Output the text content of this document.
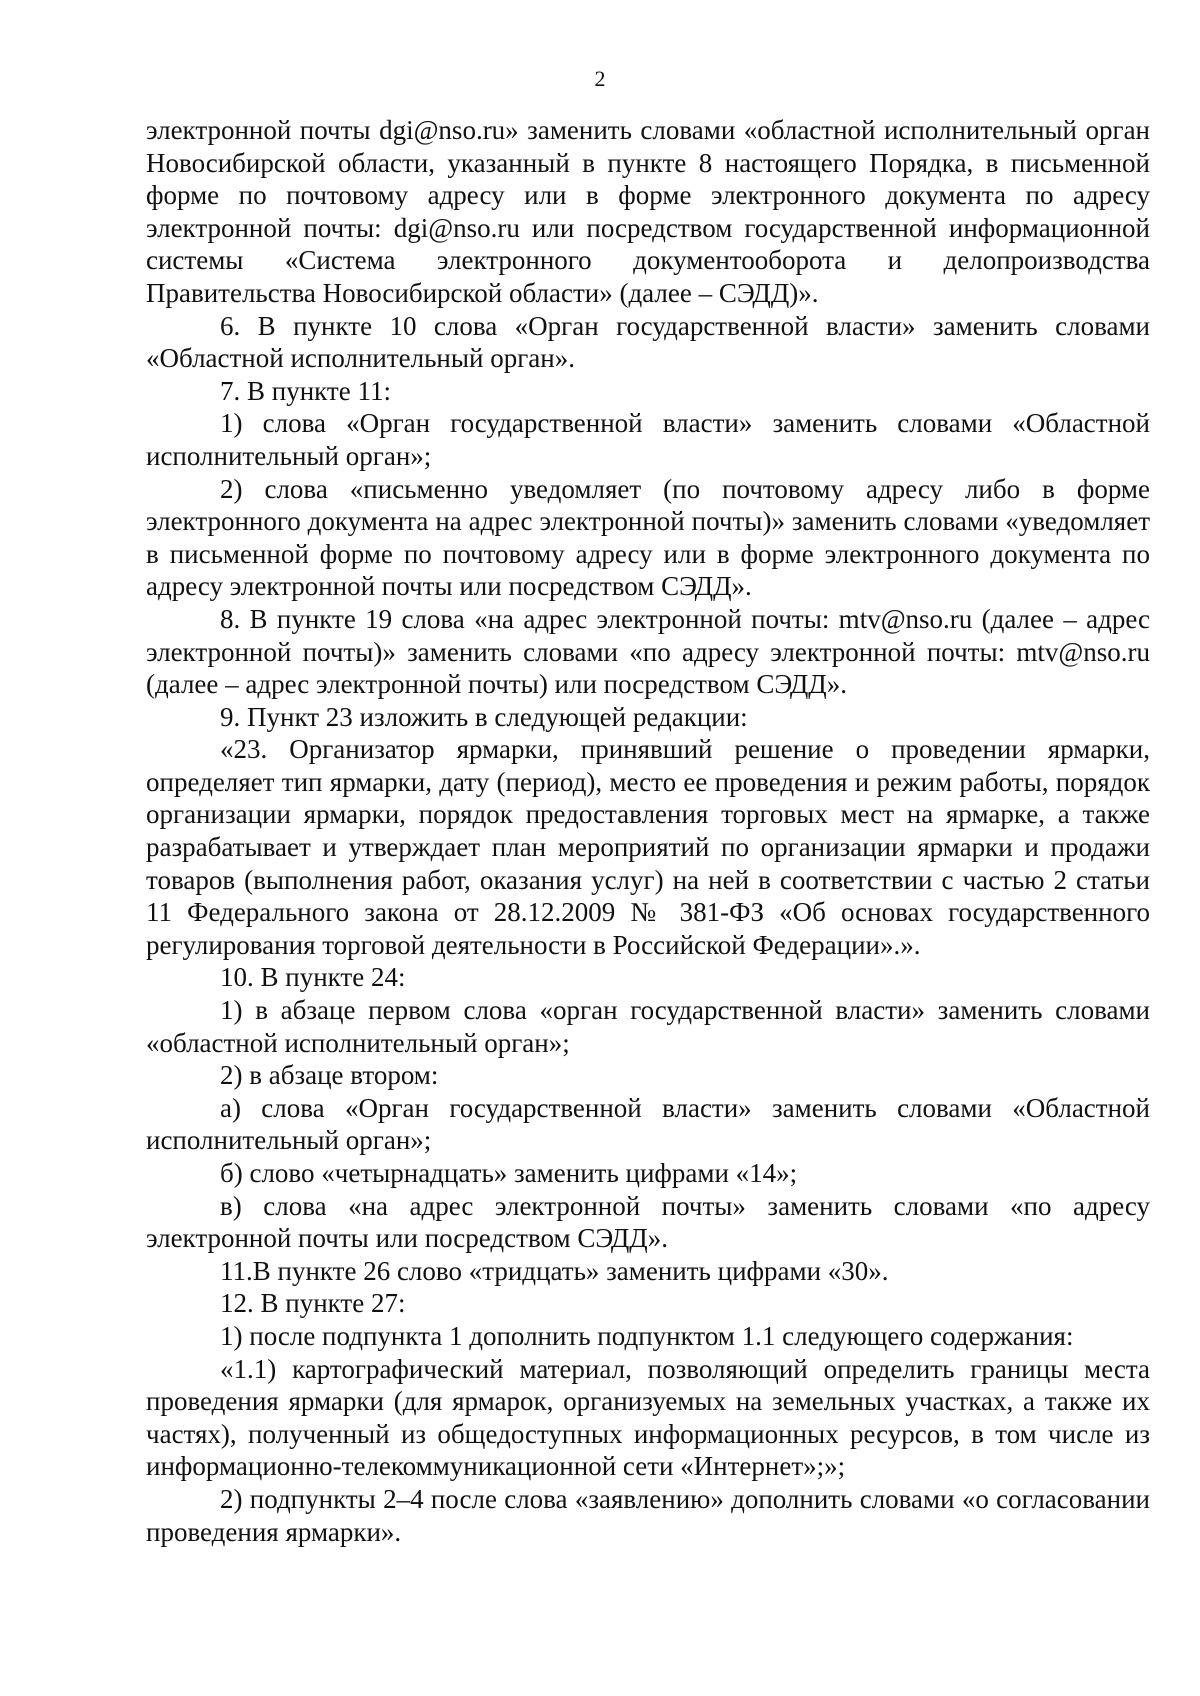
2

электронной почты dgi@nso.ru» заменить словами «областной исполнительный орган Новосибирской области, указанный в пункте 8 настоящего Порядка, в письменной форме по почтовому адресу или в форме электронного документа по адресу электронной почты: dgi@nso.ru или посредством государственной информационной системы «Система электронного документооборота и делопроизводства Правительства Новосибирской области» (далее – СЭДД)».

6. В пункте 10 слова «Орган государственной власти» заменить словами «Областной исполнительный орган».

7. В пункте 11:

1) слова «Орган государственной власти» заменить словами «Областной исполнительный орган»;

2) слова «письменно уведомляет (по почтовому адресу либо в форме электронного документа на адрес электронной почты)» заменить словами «уведомляет в письменной форме по почтовому адресу или в форме электронного документа по адресу электронной почты или посредством СЭДД».

8. В пункте 19 слова «на адрес электронной почты: mtv@nso.ru (далее – адрес электронной почты)» заменить словами «по адресу электронной почты: mtv@nso.ru (далее – адрес электронной почты) или посредством СЭДД».

9. Пункт 23 изложить в следующей редакции:

«23. Организатор ярмарки, принявший решение о проведении ярмарки, определяет тип ярмарки, дату (период), место ее проведения и режим работы, порядок организации ярмарки, порядок предоставления торговых мест на ярмарке, а также разрабатывает и утверждает план мероприятий по организации ярмарки и продажи товаров (выполнения работ, оказания услуг) на ней в соответствии с частью 2 статьи 11 Федерального закона от 28.12.2009 № 381-ФЗ «Об основах государственного регулирования торговой деятельности в Российской Федерации».».

10. В пункте 24:

1) в абзаце первом слова «орган государственной власти» заменить словами «областной исполнительный орган»;

2) в абзаце втором:

а) слова «Орган государственной власти» заменить словами «Областной исполнительный орган»;

б) слово «четырнадцать» заменить цифрами «14»;

в) слова «на адрес электронной почты» заменить словами «по адресу электронной почты или посредством СЭДД».

11.В пункте 26 слово «тридцать» заменить цифрами «30».

12. В пункте 27:

1) после подпункта 1 дополнить подпунктом 1.1 следующего содержания:

«1.1) картографический материал, позволяющий определить границы места проведения ярмарки (для ярмарок, организуемых на земельных участках, а также их частях), полученный из общедоступных информационных ресурсов, в том числе из информационно-телекоммуникационной сети «Интернет»;»;

2) подпункты 2–4 после слова «заявлению» дополнить словами «о согласовании проведения ярмарки».
